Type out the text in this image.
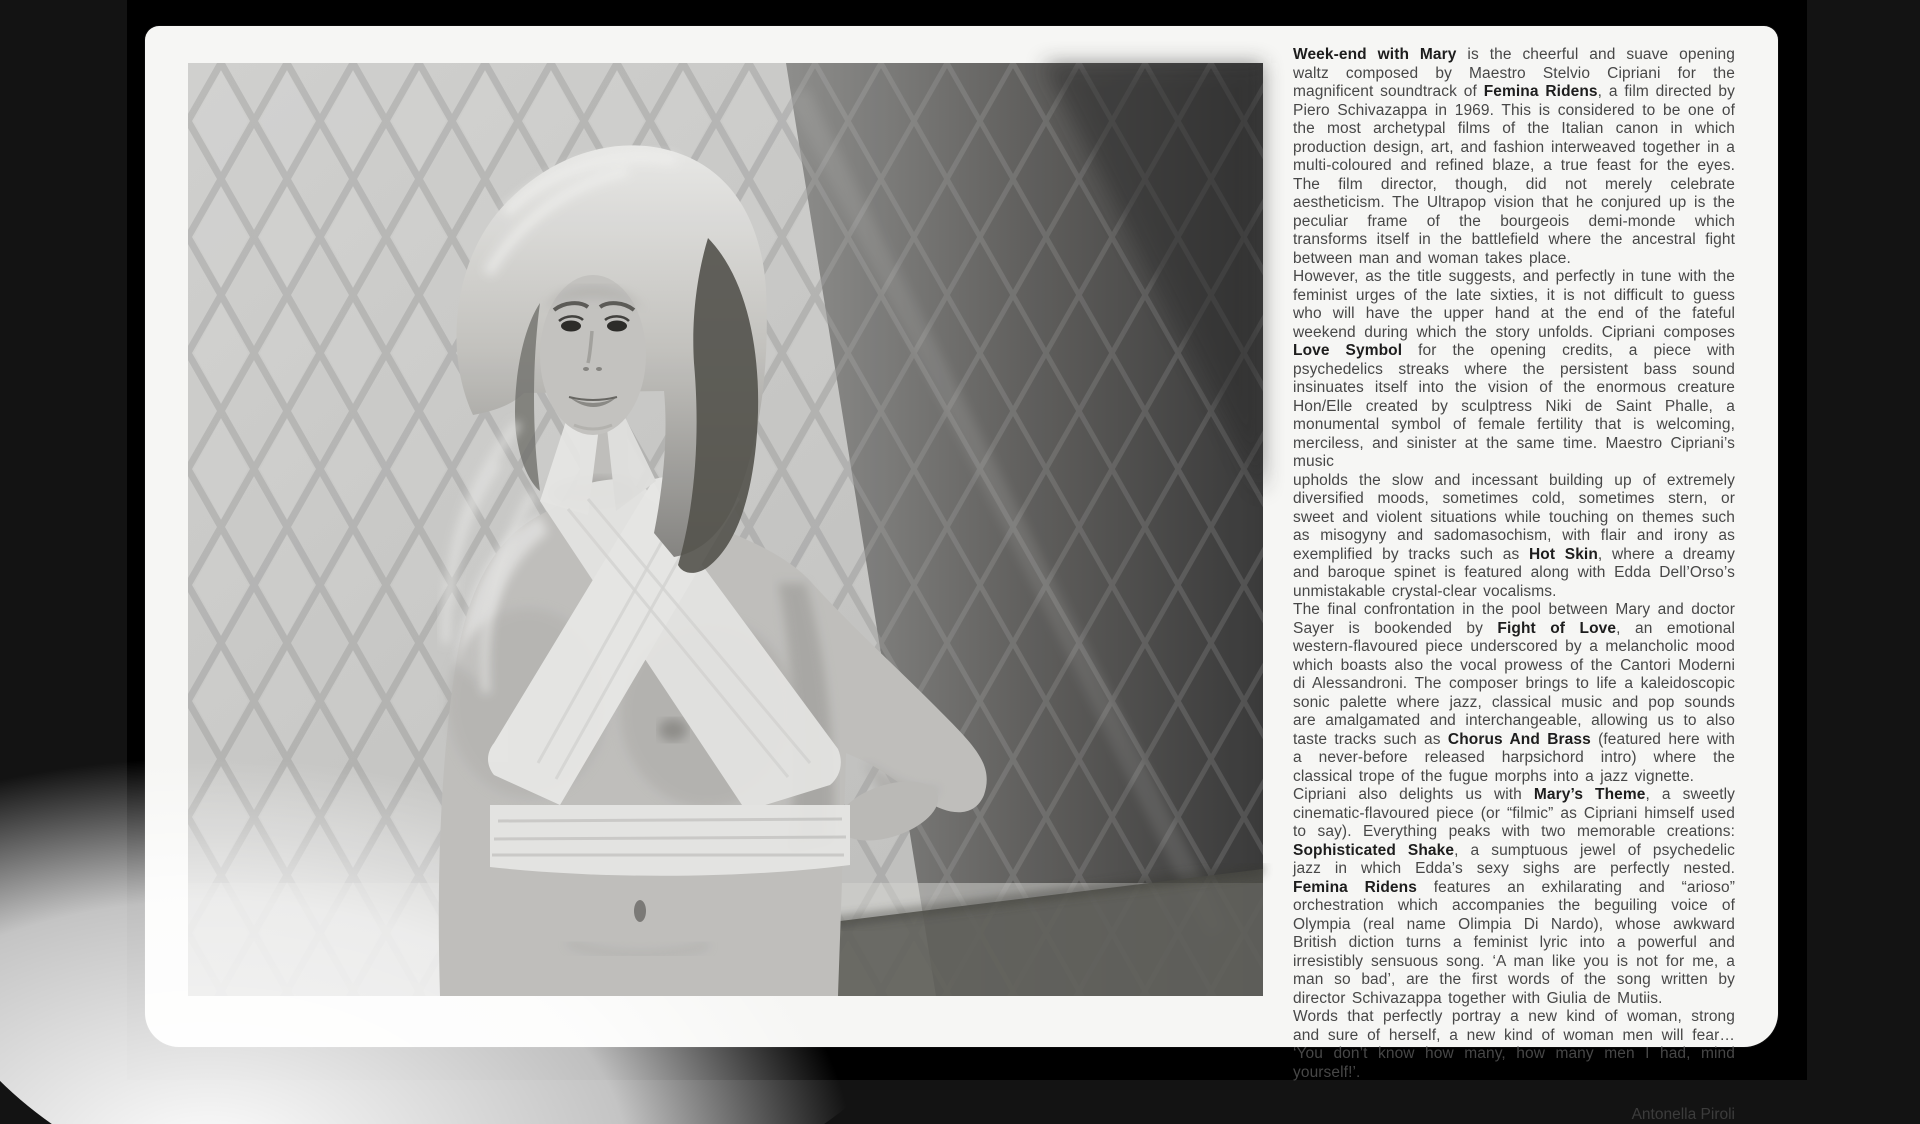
Week-end with Mary is the cheerful and suave opening waltz composed by Maestro Stelvio Cipriani for the magnificent soundtrack of Femina Ridens, a film directed by Piero Schivazappa in 1969. This is considered to be one of the most archetypal films of the Italian canon in which production design, art, and fashion interweaved together in a multi-coloured and refined blaze, a true feast for the eyes. The film director, though, did not merely celebrate aestheticism. The Ultrapop vision that he conjured up is the peculiar frame of the bourgeois demi-monde which transforms itself in the battlefield where the ancestral fight between man and woman takes place.

However, as the title suggests, and perfectly in tune with the feminist urges of the late sixties, it is not difficult to guess who will have the upper hand at the end of the fateful weekend during which the story unfolds. Cipriani composes Love Symbol for the opening credits, a piece with psychedelics streaks where the persistent bass sound insinuates itself into the vision of the enormous creature Hon/Elle created by sculptress Niki de Saint Phalle, a monumental symbol of female fertility that is welcoming, merciless, and sinister at the same time. Maestro Cipriani’s music

upholds the slow and incessant building up of extremely diversified moods, sometimes cold, sometimes stern, or sweet and violent situations while touching on themes such as misogyny and sadomasochism, with flair and irony as exemplified by tracks such as Hot Skin, where a dreamy and baroque spinet is featured along with Edda Dell’Orso’s unmistakable crystal-clear vocalisms.

The final confrontation in the pool between Mary and doctor Sayer is bookended by Fight of Love, an emotional western-flavoured piece underscored by a melancholic mood which boasts also the vocal prowess of the Cantori Moderni di Alessandroni. The composer brings to life a kaleidoscopic sonic palette where jazz, classical music and pop sounds are amalgamated and interchangeable, allowing us to also taste tracks such as Chorus And Brass (featured here with a never-before released harpsichord intro) where the classical trope of the fugue morphs into a jazz vignette.

Cipriani also delights us with Mary’s Theme, a sweetly cinematic-flavoured piece (or “filmic” as Cipriani himself used to say). Everything peaks with two memorable creations: Sophisticated Shake, a sumptuous jewel of psychedelic jazz in which Edda’s sexy sighs are perfectly nested. Femina Ridens features an exhilarating and “arioso” orchestration which accompanies the beguiling voice of Olympia (real name Olimpia Di Nardo), whose awkward British diction turns a feminist lyric into a powerful and irresistibly sensuous song. ‘A man like you is not for me, a man so bad’, are the first words of the song written by director Schivazappa together with Giulia de Mutiis.

Words that perfectly portray a new kind of woman, strong and sure of herself, a new kind of woman men will fear… ‘You don’t know how many, how many men I had, mind yourself!’.

Antonella Piroli
